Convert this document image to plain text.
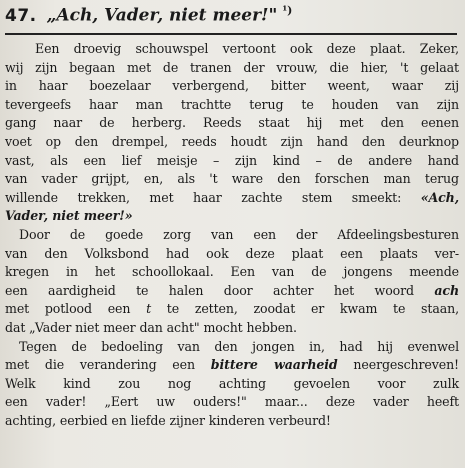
47. „Ach, Vader, niet meer!" $^{^1)}$
Een droevig schouwspel vertoont ook deze plaat. Zeker,
wij zijn begaan met de tranen der vrouw, die hier, 't gelaat
in haar boezelaar verbergend, bitter weent, waar zij
tevergeefs haar man trachtte terug te houden van zijn
gang naar de herberg. Reeds staat hij met den eenen
voet op den drempel, reeds houdt zijn hand den deurknop
vast, als een lief meisje – zijn kind – de andere hand
van vader grijpt, en, als 't ware den forschen man terug
willende trekken, met haar zachte stem smeekt: «Ach,
Vader, niet meer!»
Door de goede zorg van een der Afdeelingsbesturen
van den Volksbond had ook deze plaat een plaats ver-
kregen in het schoollokaal. Een van de jongens meende
een aardigheid te halen door achter het woord ach
met potlood een t te zetten, zoodat er kwam te staan,
dat „Vader niet meer dan acht" mocht hebben.
Tegen de bedoeling van den jongen in, had hij evenwel
met die verandering een bittere waarheid neergeschreven!
Welk kind zou nog achting gevoelen voor zulk
een vader! „Eert uw ouders!" maar... deze vader heeft
achting, eerbied en liefde zijner kinderen verbeurd!
